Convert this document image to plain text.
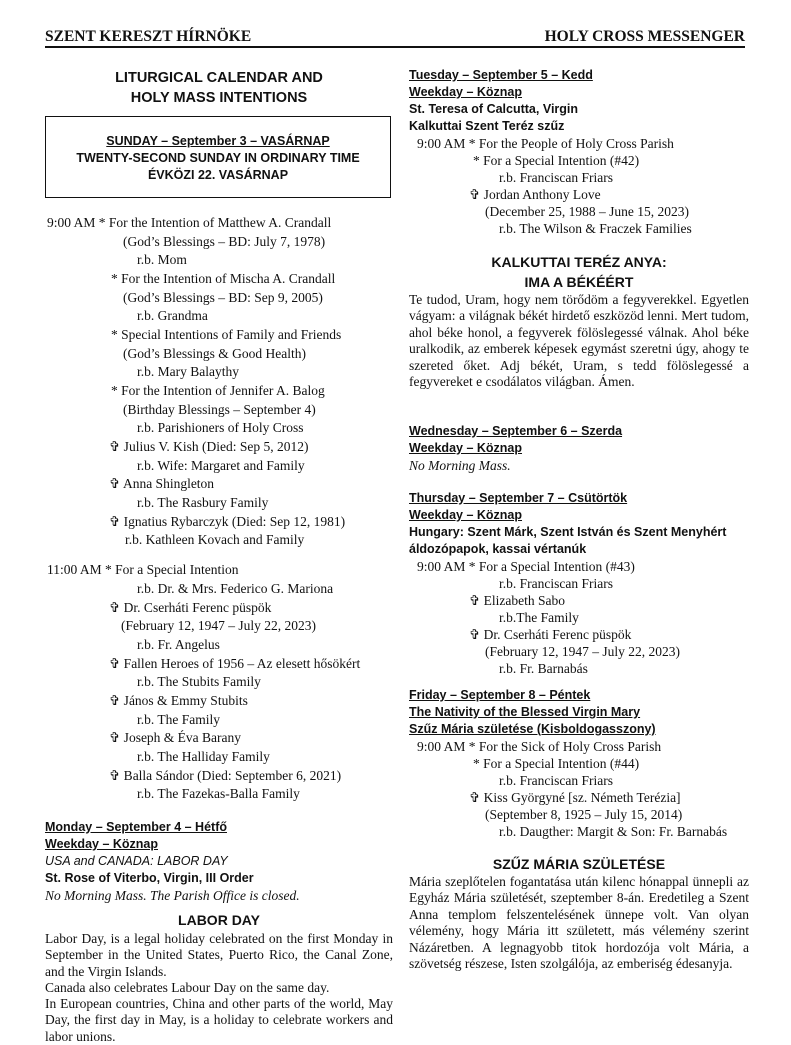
SZENT KERESZT HÍRNÖKE	HOLY CROSS MESSENGER
LITURGICAL CALENDAR AND
HOLY MASS INTENTIONS
SUNDAY – September 3 – VASÁRNAP
TWENTY-SECOND SUNDAY IN ORDINARY TIME
ÉVKÖZI 22. VASÁRNAP
9:00 AM * For the Intention of Matthew A. Crandall
(God’s Blessings – BD: July 7, 1978)
r.b. Mom
* For the Intention of Mischa A. Crandall
(God’s Blessings – BD: Sep 9, 2005)
r.b. Grandma
* Special Intentions of Family and Friends
(God’s Blessings & Good Health)
r.b. Mary Balaythy
* For the Intention of Jennifer A. Balog
(Birthday Blessings – September 4)
r.b. Parishioners of Holy Cross
✞ Julius V. Kish (Died: Sep 5, 2012)
r.b. Wife: Margaret and Family
✞ Anna Shingleton
r.b. The Rasbury Family
✞ Ignatius Rybarczyk (Died: Sep 12, 1981)
r.b. Kathleen Kovach and Family
11:00 AM * For a Special Intention
r.b. Dr. & Mrs. Federico G. Mariona
✞ Dr. Cserháti Ferenc püspök
(February 12, 1947 – July 22, 2023)
r.b. Fr. Angelus
✞ Fallen Heroes of 1956 – Az elesett hősökért
r.b. The Stubits Family
✞ János & Emmy Stubits
r.b. The Family
✞ Joseph & Éva Barany
r.b. The Halliday Family
✞ Balla Sándor (Died: September 6, 2021)
r.b. The Fazekas-Balla Family
Monday – September 4 – Hétfő
Weekday – Köznap
USA and CANADA: LABOR DAY
St. Rose of Viterbo, Virgin, III Order
No Morning Mass. The Parish Office is closed.
LABOR DAY
Labor Day, is a legal holiday celebrated on the first Monday in September in the United States, Puerto Rico, the Canal Zone, and the Virgin Islands.
Canada also celebrates Labour Day on the same day.
In European countries, China and other parts of the world, May Day, the first day in May, is a holiday to celebrate workers and labor unions.
Tuesday – September 5 – Kedd
Weekday – Köznap
St. Teresa of Calcutta, Virgin
Kalkuttai Szent Teréz szűz
9:00 AM * For the People of Holy Cross Parish
* For a Special Intention (#42)
r.b. Franciscan Friars
✞ Jordan Anthony Love
(December 25, 1988 – June 15, 2023)
r.b. The Wilson & Fraczek Families
KALKUTTAI TERÉZ ANYA:
IMA A BÉKÉÉRT
Te tudod, Uram, hogy nem törődöm a fegyverekkel. Egyetlen vágyam: a világnak békét hirdető eszközöd lenni. Mert tudom, ahol béke honol, a fegyverek fölöslegessé válnak. Ahol béke uralkodik, az emberek képesek egymást szeretni úgy, ahogy te szereted őket. Adj békét, Uram, s tedd fölöslegessé a fegyvereket e csodálatos világban. Ámen.
Wednesday – September 6 – Szerda
Weekday – Köznap
No Morning Mass.
Thursday – September 7 – Csütörtök
Weekday – Köznap
Hungary: Szent Márk, Szent István és Szent Menyhért
áldozópapok, kassai vértanúk
9:00 AM * For a Special Intention (#43)
r.b. Franciscan Friars
✞ Elizabeth Sabo
r.b.The Family
✞ Dr. Cserháti Ferenc püspök
(February 12, 1947 – July 22, 2023)
r.b. Fr. Barnabás
Friday – September 8 – Péntek
The Nativity of the Blessed Virgin Mary
Szűz Mária születése (Kisboldogasszony)
9:00 AM * For the Sick of Holy Cross Parish
* For a Special Intention (#44)
r.b. Franciscan Friars
✞ Kiss Györgyné [sz. Németh Terézia]
(September 8, 1925 – July 15, 2014)
r.b. Daugther: Margit & Son: Fr. Barnabás
SZŰZ MÁRIA SZÜLETÉSE
Mária szeplőtelen fogantatása után kilenc hónappal ünnepli az Egyház Mária születését, szeptember 8-án. Eredetileg a Szent Anna templom felszentelésének ünnepe volt. Van olyan vélemény, hogy Mária itt született, más vélemény szerint Názáretben. A legnagyobb titok hordozója volt Mária, a szövetség részese, Isten szolgálója, az emberiség édesanyja.
